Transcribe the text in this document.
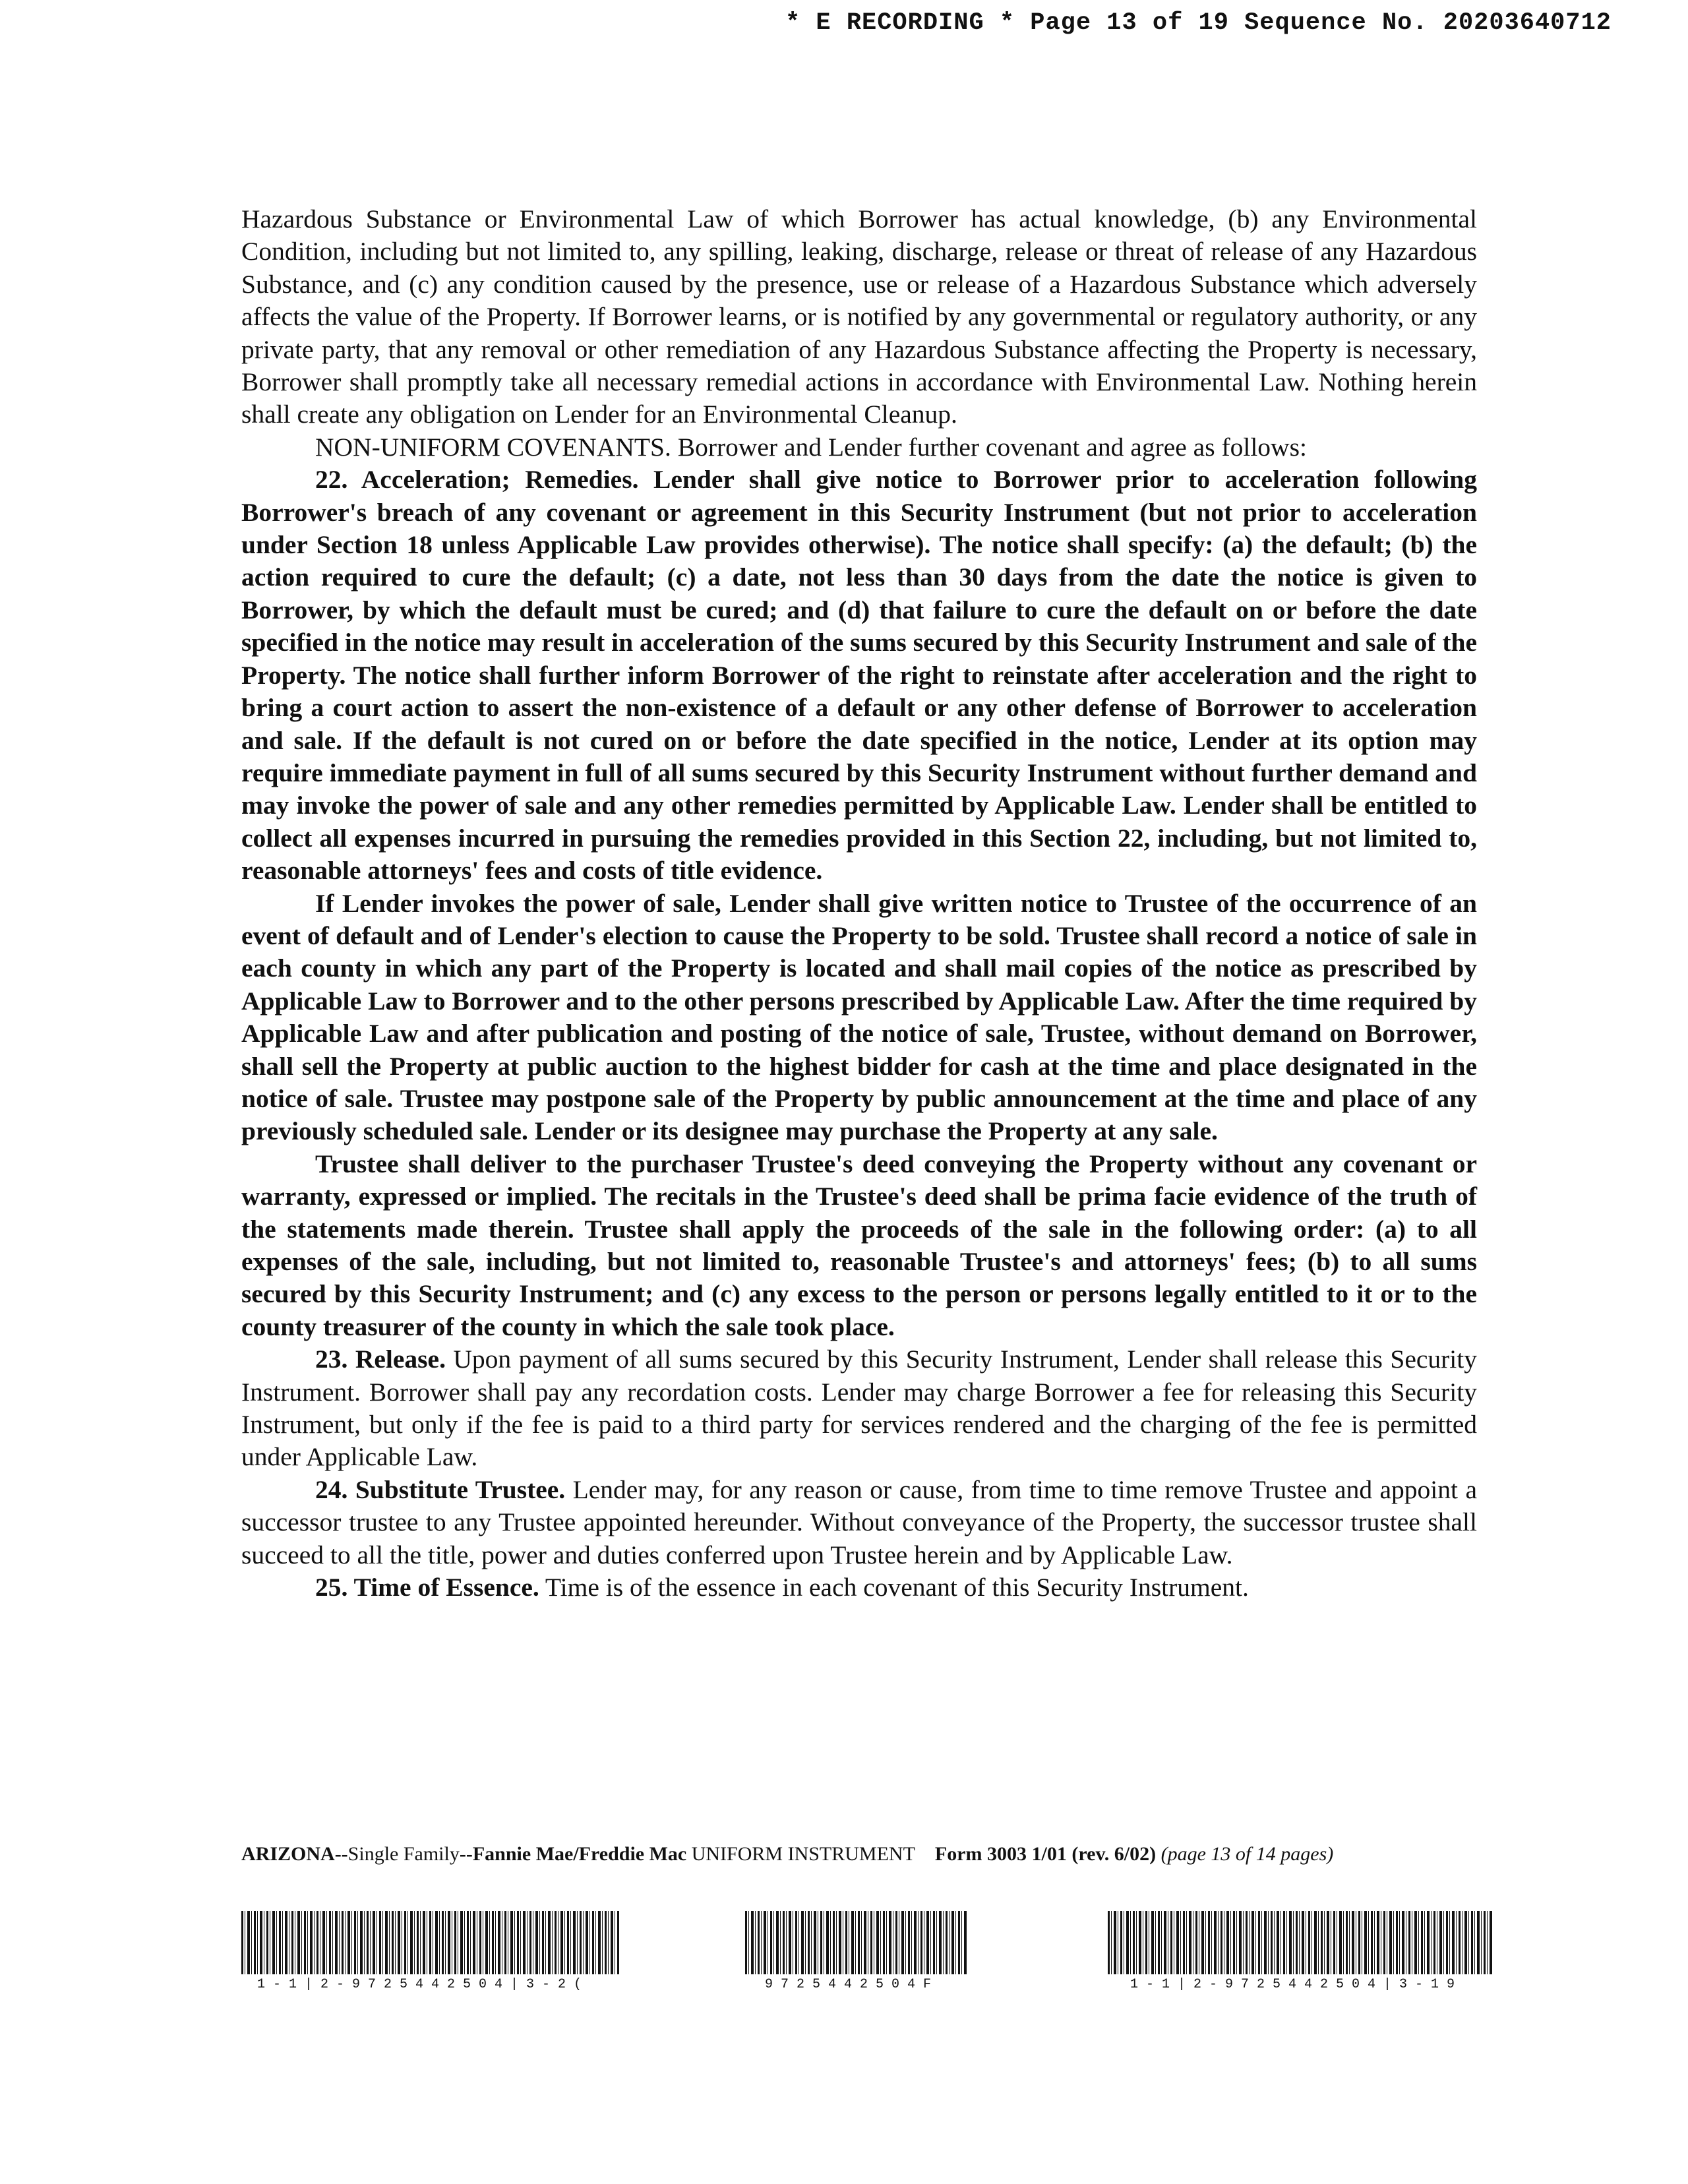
* E RECORDING * Page 13 of 19 Sequence No. 20203640712

Hazardous Substance or Environmental Law of which Borrower has actual knowledge, (b) any Environmental Condition, including but not limited to, any spilling, leaking, discharge, release or threat of release of any Hazardous Substance, and (c) any condition caused by the presence, use or release of a Hazardous Substance which adversely affects the value of the Property. If Borrower learns, or is notified by any governmental or regulatory authority, or any private party, that any removal or other remediation of any Hazardous Substance affecting the Property is necessary, Borrower shall promptly take all necessary remedial actions in accordance with Environmental Law. Nothing herein shall create any obligation on Lender for an Environmental Cleanup.

NON-UNIFORM COVENANTS. Borrower and Lender further covenant and agree as follows:

22. Acceleration; Remedies. Lender shall give notice to Borrower prior to acceleration following Borrower's breach of any covenant or agreement in this Security Instrument (but not prior to acceleration under Section 18 unless Applicable Law provides otherwise). The notice shall specify: (a) the default; (b) the action required to cure the default; (c) a date, not less than 30 days from the date the notice is given to Borrower, by which the default must be cured; and (d) that failure to cure the default on or before the date specified in the notice may result in acceleration of the sums secured by this Security Instrument and sale of the Property. The notice shall further inform Borrower of the right to reinstate after acceleration and the right to bring a court action to assert the non-existence of a default or any other defense of Borrower to acceleration and sale. If the default is not cured on or before the date specified in the notice, Lender at its option may require immediate payment in full of all sums secured by this Security Instrument without further demand and may invoke the power of sale and any other remedies permitted by Applicable Law. Lender shall be entitled to collect all expenses incurred in pursuing the remedies provided in this Section 22, including, but not limited to, reasonable attorneys' fees and costs of title evidence.

If Lender invokes the power of sale, Lender shall give written notice to Trustee of the occurrence of an event of default and of Lender's election to cause the Property to be sold. Trustee shall record a notice of sale in each county in which any part of the Property is located and shall mail copies of the notice as prescribed by Applicable Law to Borrower and to the other persons prescribed by Applicable Law. After the time required by Applicable Law and after publication and posting of the notice of sale, Trustee, without demand on Borrower, shall sell the Property at public auction to the highest bidder for cash at the time and place designated in the notice of sale. Trustee may postpone sale of the Property by public announcement at the time and place of any previously scheduled sale. Lender or its designee may purchase the Property at any sale.

Trustee shall deliver to the purchaser Trustee's deed conveying the Property without any covenant or warranty, expressed or implied. The recitals in the Trustee's deed shall be prima facie evidence of the truth of the statements made therein. Trustee shall apply the proceeds of the sale in the following order: (a) to all expenses of the sale, including, but not limited to, reasonable Trustee's and attorneys' fees; (b) to all sums secured by this Security Instrument; and (c) any excess to the person or persons legally entitled to it or to the county treasurer of the county in which the sale took place.

23. Release. Upon payment of all sums secured by this Security Instrument, Lender shall release this Security Instrument. Borrower shall pay any recordation costs. Lender may charge Borrower a fee for releasing this Security Instrument, but only if the fee is paid to a third party for services rendered and the charging of the fee is permitted under Applicable Law.

24. Substitute Trustee. Lender may, for any reason or cause, from time to time remove Trustee and appoint a successor trustee to any Trustee appointed hereunder. Without conveyance of the Property, the successor trustee shall succeed to all the title, power and duties conferred upon Trustee herein and by Applicable Law.

25. Time of Essence. Time is of the essence in each covenant of this Security Instrument.

ARIZONA--Single Family--Fannie Mae/Freddie Mac UNIFORM INSTRUMENT Form 3003 1/01 (rev. 6/02) (page 13 of 14 pages)
1-1|2-9725442504|3-2(	9725442504F	1-1|2-9725442504|3-19
